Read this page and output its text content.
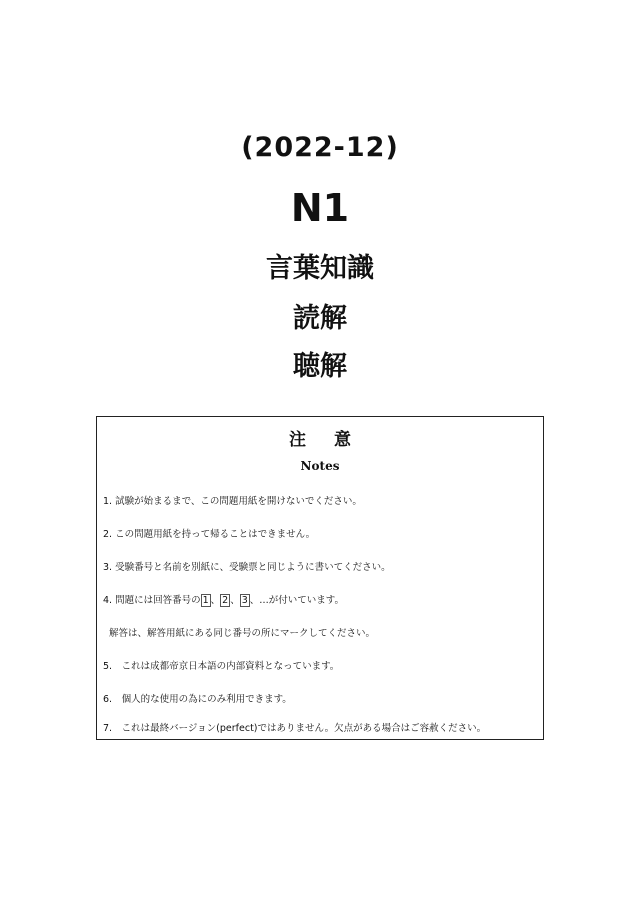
(2022-12)
N1
言葉知識
読解
聴解
注意
Notes
1. 試験が始まるまで、この問題用紙を開けないでください。
2. この問題用紙を持って帰ることはできません。
3. 受験番号と名前を別紙に、受験票と同じように書いてください。
4. 問題には回答番号の 1 、 2 、 3 、…が付いています。
解答は、解答用紙にある同じ番号の所にマークしてください。
5.　これは成都帝京日本語の内部資料となっています。
6.　個人的な使用の為にのみ利用できます。
7.　これは最終バージョン(perfect)ではありません。欠点がある場合はご容赦ください。
